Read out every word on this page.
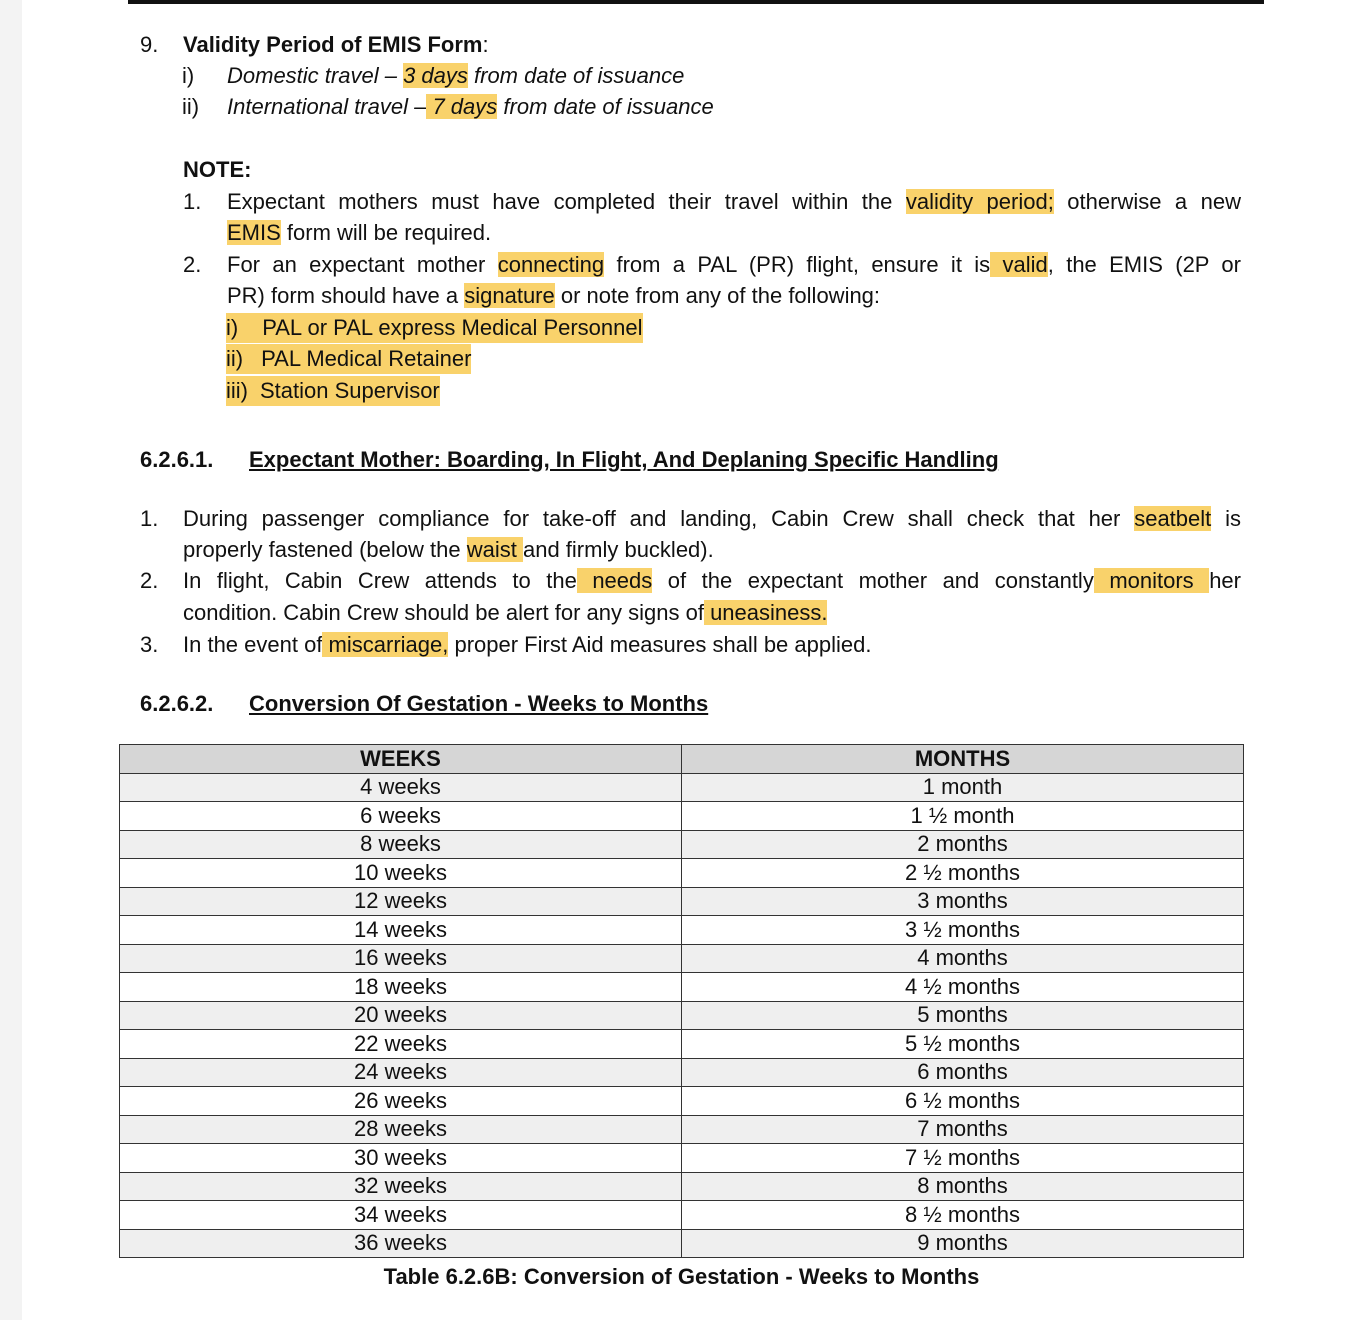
9. Validity Period of EMIS Form:
i) Domestic travel – 3 days from date of issuance
ii) International travel – 7 days from date of issuance
NOTE:
1. Expectant mothers must have completed their travel within the validity period; otherwise a new
EMIS form will be required.
2. For an expectant mother connecting from a PAL (PR) flight, ensure it is valid, the EMIS (2P or
PR) form should have a signature or note from any of the following:
i) PAL or PAL express Medical Personnel
ii) PAL Medical Retainer
iii) Station Supervisor
6.2.6.1. Expectant Mother: Boarding, In Flight, And Deplaning Specific Handling
1. During passenger compliance for take-off and landing, Cabin Crew shall check that her seatbelt is
properly fastened (below the waist and firmly buckled).
2. In flight, Cabin Crew attends to the needs of the expectant mother and constantly monitors her
condition. Cabin Crew should be alert for any signs of uneasiness.
3. In the event of miscarriage, proper First Aid measures shall be applied.
6.2.6.2. Conversion Of Gestation - Weeks to Months
WEEKS	MONTHS
4 weeks	1 month
6 weeks	1 ½ month
8 weeks	2 months
10 weeks	2 ½ months
12 weeks	3 months
14 weeks	3 ½ months
16 weeks	4 months
18 weeks	4 ½ months
20 weeks	5 months
22 weeks	5 ½ months
24 weeks	6 months
26 weeks	6 ½ months
28 weeks	7 months
30 weeks	7 ½ months
32 weeks	8 months
34 weeks	8 ½ months
36 weeks	9 months
Table 6.2.6B: Conversion of Gestation - Weeks to Months
